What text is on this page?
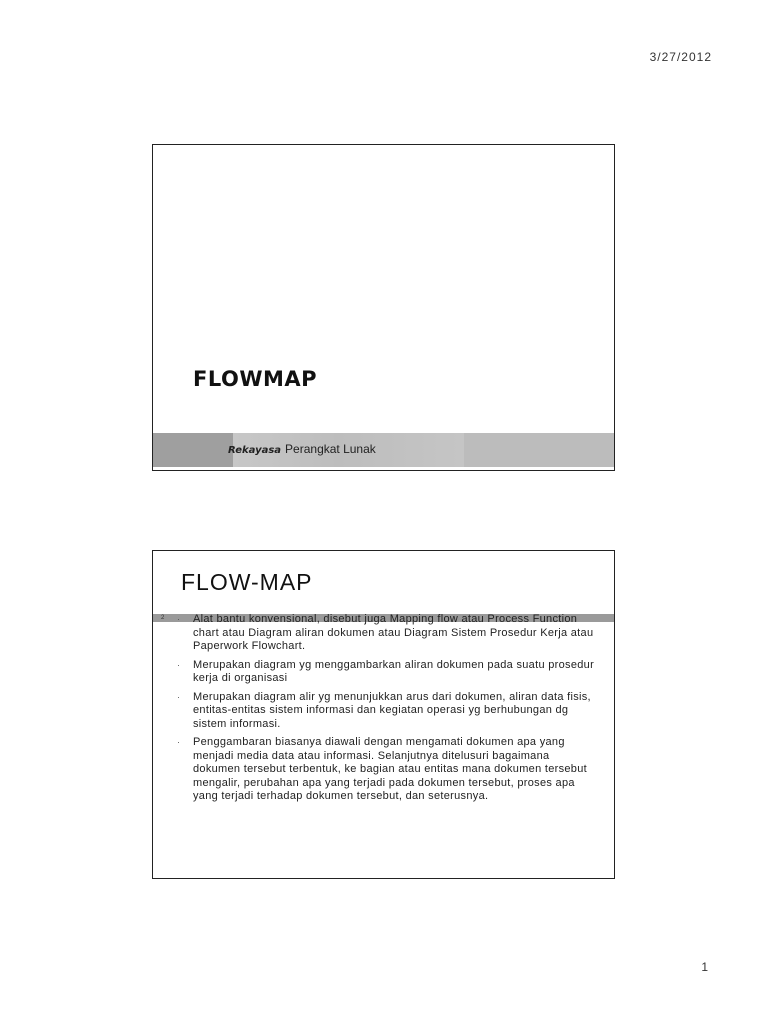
3/27/2012
FLOWMAP
Rekayasa Perangkat Lunak
FLOW-MAP
2 · Alat bantu konvensional, disebut juga Mapping flow atau Process Function chart atau Diagram aliran dokumen atau Diagram Sistem Prosedur Kerja atau Paperwork Flowchart.
· Merupakan diagram yg menggambarkan aliran dokumen pada suatu prosedur kerja di organisasi
· Merupakan diagram alir yg menunjukkan arus dari dokumen, aliran data fisis, entitas-entitas sistem informasi dan kegiatan operasi yg berhubungan dg sistem informasi.
· Penggambaran biasanya diawali dengan mengamati dokumen apa yang menjadi media data atau informasi. Selanjutnya ditelusuri bagaimana dokumen tersebut terbentuk, ke bagian atau entitas mana dokumen tersebut mengalir, perubahan apa yang terjadi pada dokumen tersebut, proses apa yang terjadi terhadap dokumen tersebut, dan seterusnya.
1
